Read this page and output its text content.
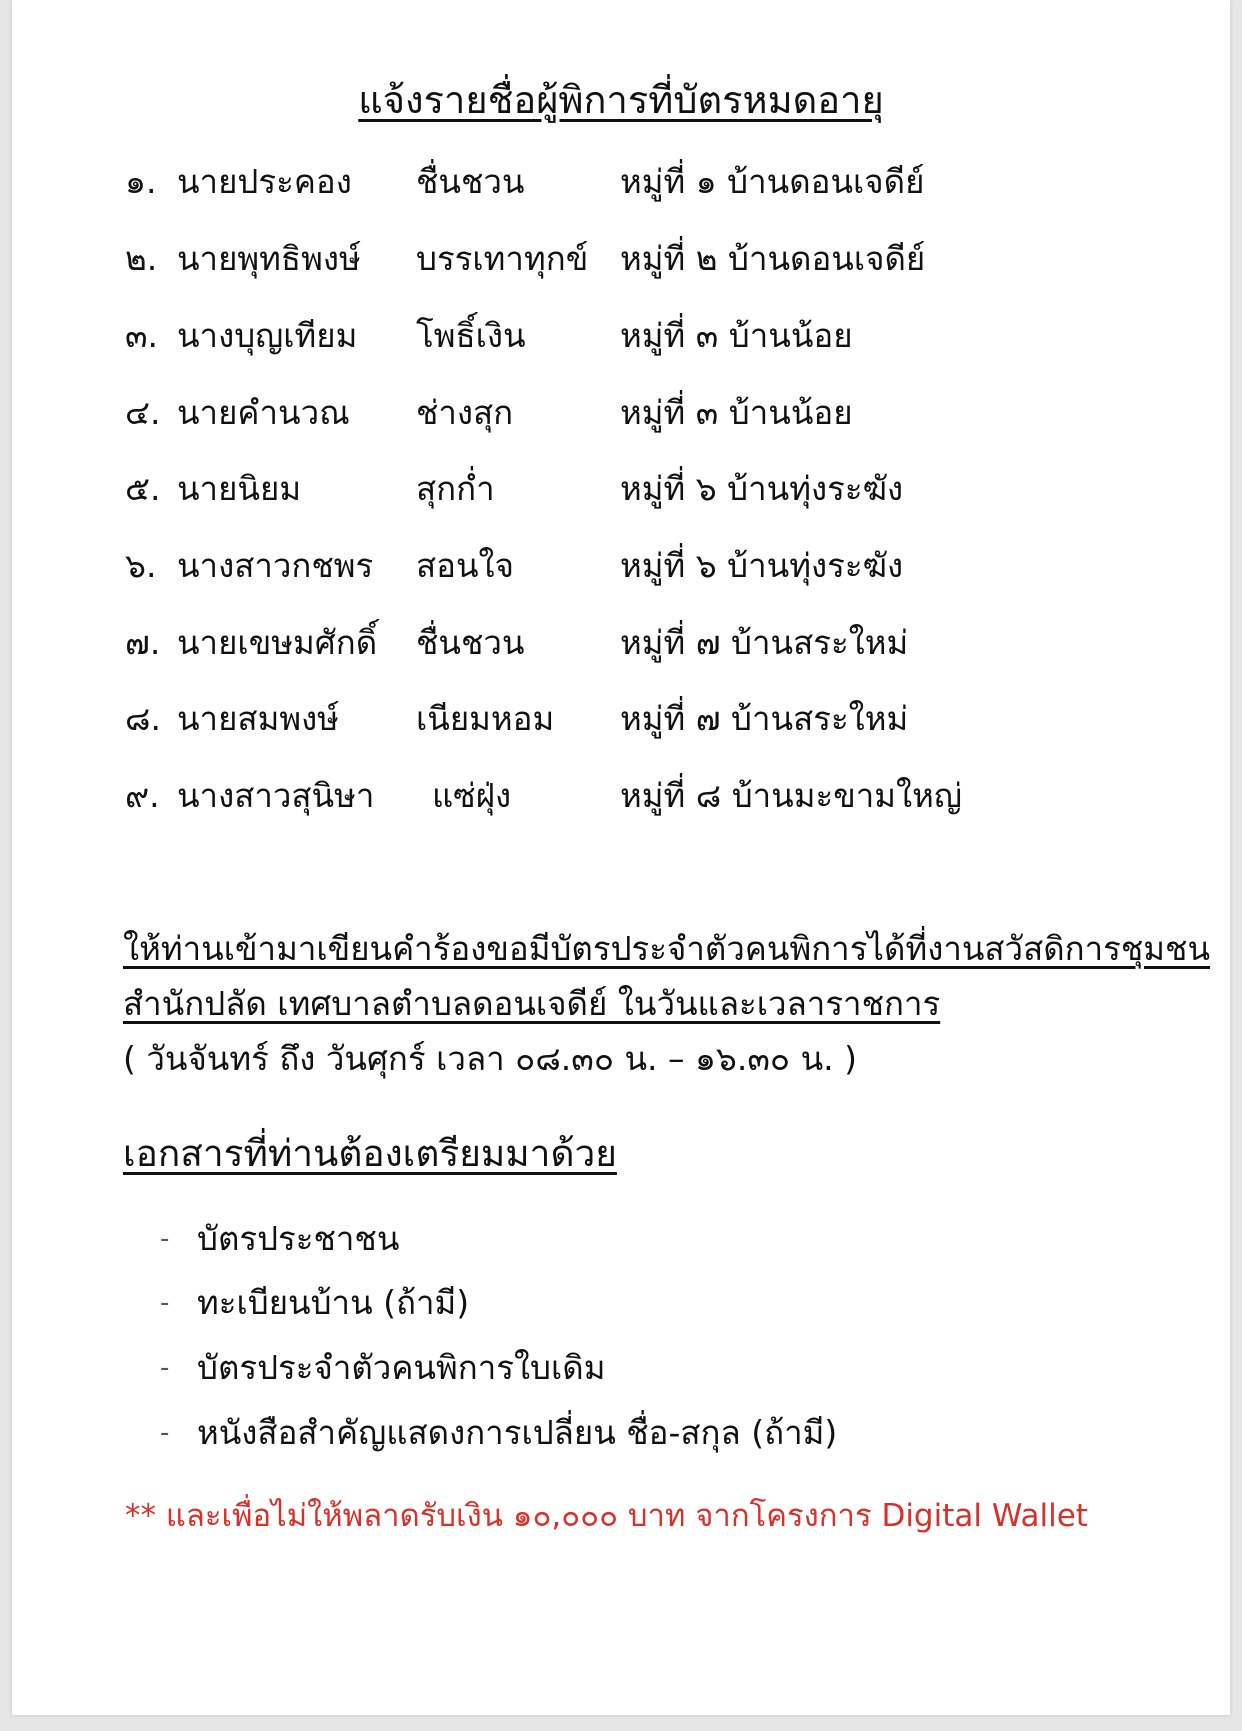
แจ้งรายชื่อผู้พิการที่บัตรหมดอายุ
๑. นายประคอง ชื่นชวน	หมู่ที่ ๑ บ้านดอนเจดีย์
๒. นายพุทธิพงษ์ บรรเทาทุกข์ หมู่ที่ ๒ บ้านดอนเจดีย์
๓. นางบุญเทียม โพธิ์เงิน	หมู่ที่ ๓ บ้านน้อย
๔. นายคำนวณ ช่างสุก	หมู่ที่ ๓ บ้านน้อย
๕. นายนิยม	สุกก่ำ	หมู่ที่ ๖ บ้านทุ่งระฆัง
๖. นางสาวกชพร สอนใจ	หมู่ที่ ๖ บ้านทุ่งระฆัง
๗. นายเขษมศักดิ์ ชื่นชวน	หมู่ที่ ๗ บ้านสระใหม่
๘. นายสมพงษ์ เนียมหอม หมู่ที่ ๗ บ้านสระใหม่
๙. นางสาวสุนิษา แซ่ฝุ่ง	หมู่ที่ ๘ บ้านมะขามใหญ่
ให้ท่านเข้ามาเขียนคำร้องขอมีบัตรประจำตัวคนพิการได้ที่งานสวัสดิการชุมชน
สำนักปลัด เทศบาลตำบลดอนเจดีย์ ในวันและเวลาราชการ
( วันจันทร์ ถึง วันศุกร์ เวลา ๐๘.๓๐ น. – ๑๖.๓๐ น. )
เอกสารที่ท่านต้องเตรียมมาด้วย
- บัตรประชาชน
- ทะเบียนบ้าน (ถ้ามี)
- บัตรประจำตัวคนพิการใบเดิม
- หนังสือสำคัญแสดงการเปลี่ยน ชื่อ-สกุล (ถ้ามี)
** และเพื่อไม่ให้พลาดรับเงิน ๑๐,๐๐๐ บาท จากโครงการ Digital Wallet
